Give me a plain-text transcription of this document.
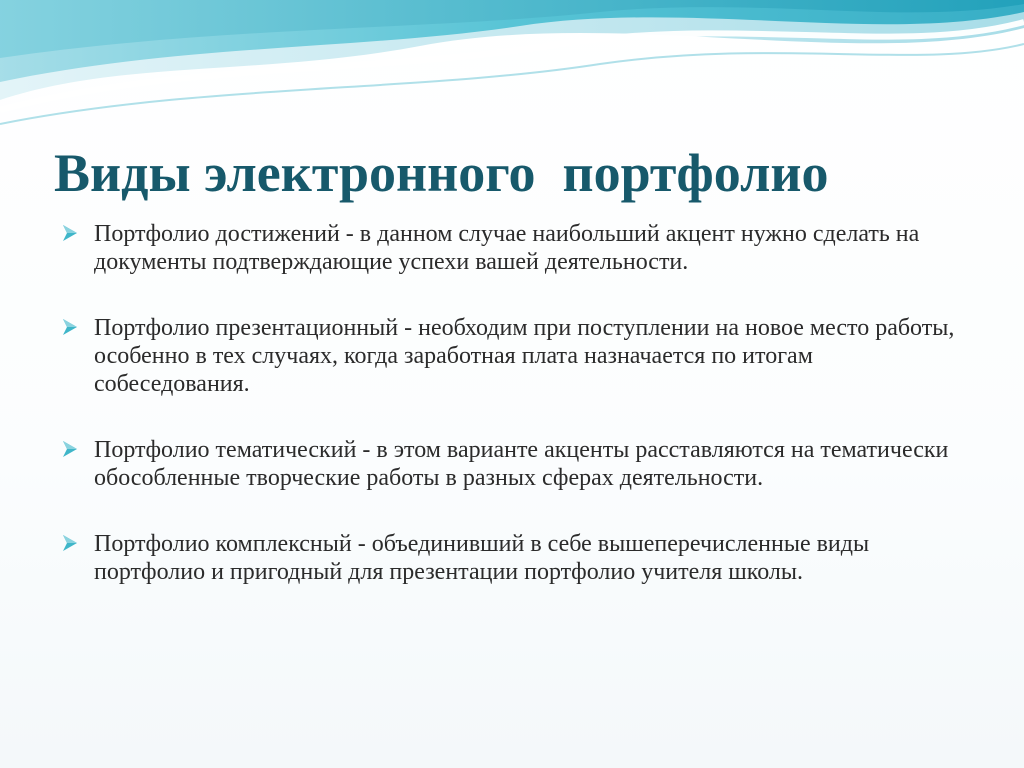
Виды электронного  портфолио
Портфолио достижений - в данном случае наибольший акцент нужно сделать на документы подтверждающие успехи вашей деятельности.
Портфолио презентационный - необходим при поступлении на новое место работы, особенно в тех случаях, когда заработная плата назначается по итогам собеседования.
Портфолио тематический - в этом варианте акценты расставляются на тематически обособленные творческие работы в разных сферах деятельности.
Портфолио комплексный - объединивший в себе вышеперечисленные виды портфолио и пригодный для презентации портфолио учителя школы.
